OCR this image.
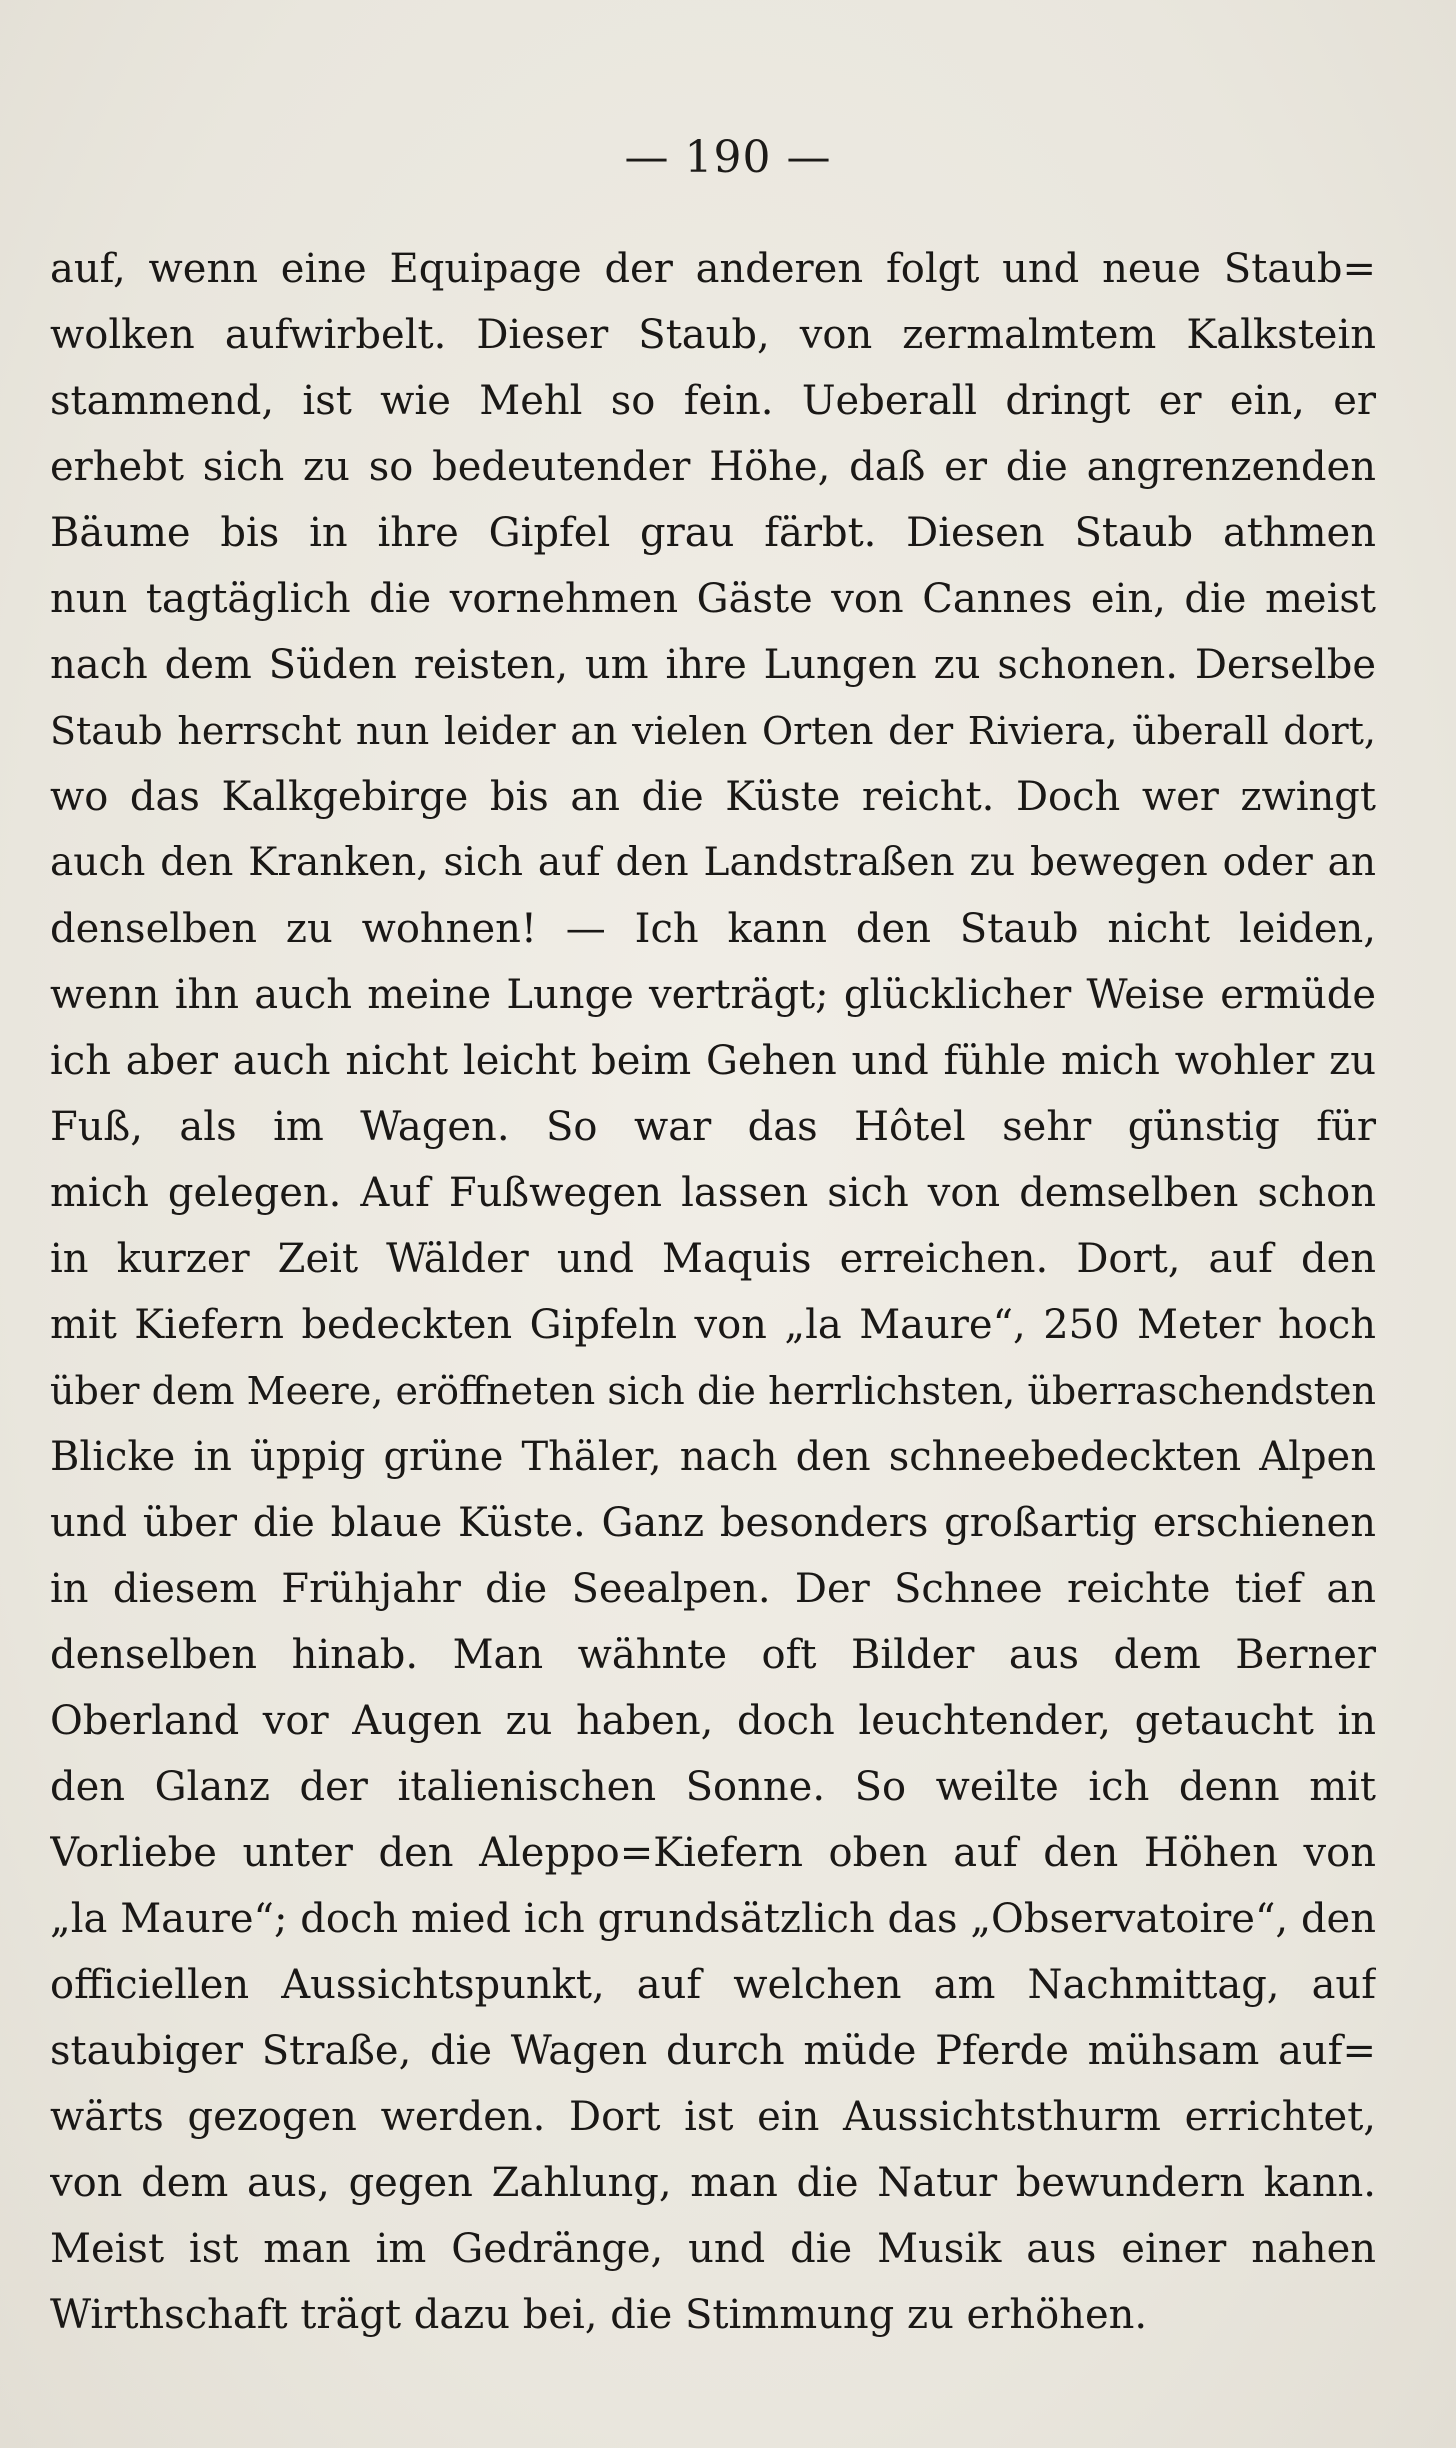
— 190 —
auf, wenn eine Equipage der anderen folgt und neue Staub=
wolken aufwirbelt. Dieser Staub, von zermalmtem Kalkstein
stammend, ist wie Mehl so fein. Ueberall dringt er ein, er
erhebt sich zu so bedeutender Höhe, daß er die angrenzenden
Bäume bis in ihre Gipfel grau färbt. Diesen Staub athmen
nun tagtäglich die vornehmen Gäste von Cannes ein, die meist
nach dem Süden reisten, um ihre Lungen zu schonen. Derselbe
Staub herrscht nun leider an vielen Orten der Riviera, überall dort,
wo das Kalkgebirge bis an die Küste reicht. Doch wer zwingt
auch den Kranken, sich auf den Landstraßen zu bewegen oder an
denselben zu wohnen! — Ich kann den Staub nicht leiden,
wenn ihn auch meine Lunge verträgt; glücklicher Weise ermüde
ich aber auch nicht leicht beim Gehen und fühle mich wohler zu
Fuß, als im Wagen. So war das Hôtel sehr günstig für
mich gelegen. Auf Fußwegen lassen sich von demselben schon
in kurzer Zeit Wälder und Maquis erreichen. Dort, auf den
mit Kiefern bedeckten Gipfeln von „la Maure“, 250 Meter hoch
über dem Meere, eröffneten sich die herrlichsten, überraschendsten
Blicke in üppig grüne Thäler, nach den schneebedeckten Alpen
und über die blaue Küste. Ganz besonders großartig erschienen
in diesem Frühjahr die Seealpen. Der Schnee reichte tief an
denselben hinab. Man wähnte oft Bilder aus dem Berner
Oberland vor Augen zu haben, doch leuchtender, getaucht in
den Glanz der italienischen Sonne. So weilte ich denn mit
Vorliebe unter den Aleppo=Kiefern oben auf den Höhen von
„la Maure“; doch mied ich grundsätzlich das „Observatoire“, den
officiellen Aussichtspunkt, auf welchen am Nachmittag, auf
staubiger Straße, die Wagen durch müde Pferde mühsam auf=
wärts gezogen werden. Dort ist ein Aussichtsthurm errichtet,
von dem aus, gegen Zahlung, man die Natur bewundern kann.
Meist ist man im Gedränge, und die Musik aus einer nahen
Wirthschaft trägt dazu bei, die Stimmung zu erhöhen.
